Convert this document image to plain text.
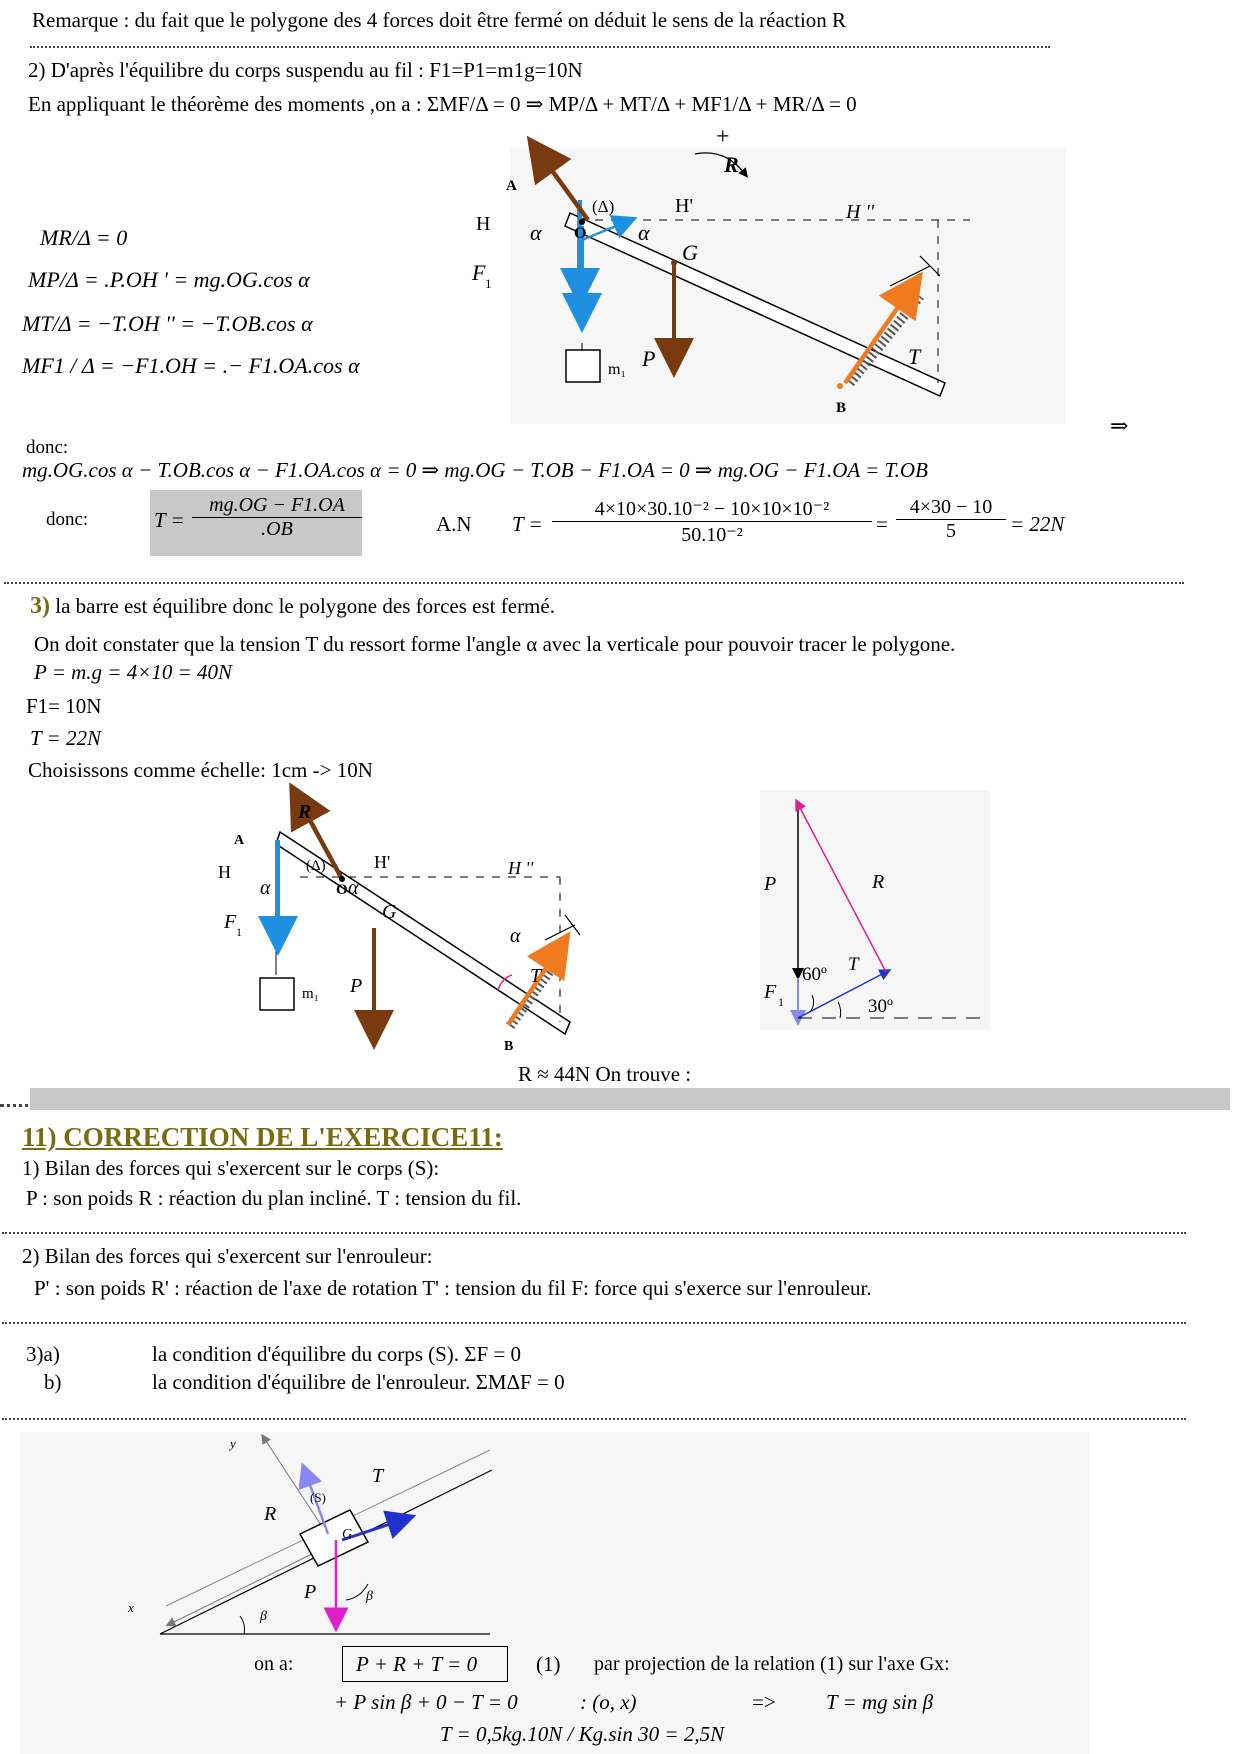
Remarque : du fait que le polygone des 4 forces doit être fermé on déduit le sens de la réaction R
2) D'après l'équilibre du corps suspendu au fil : F1=P1=m1g=10N
En appliquant le théorème des moments ,on a : ΣMF/Δ = 0 ⇒ MP/Δ + MT/Δ + MF1/Δ + MR/Δ = 0
MR/Δ = 0
MP/Δ = .P.OH ' = mg.OG.cos α
MT/Δ = −T.OH '' = −T.OB.cos α
MF1 / Δ = −F1.OH = .− F1.OA.cos α
+
R
A
H
(Δ)	H'	H ''
α O α
G
F 1
m₁ P	T
B
⇒
donc:
mg.OG.cos α − T.OB.cos α − F1.OA.cos α = 0 ⇒ mg.OG − T.OB − F1.OA = 0 ⇒ mg.OG − F1.OA = T.OB
donc:	$T = \frac{mg.OG - F1.OA}{.OB}$	A.N $T = \frac{\text{4×10×30.10⁻² − 10×10×10⁻²}}{\text{50.10⁻²}} = \frac{4\times 30 - 10}{5} = 22N$
3) la barre est équilibre donc le polygone des forces est fermé.
On doit constater que la tension T du ressort forme l'angle α avec la verticale pour pouvoir tracer le polygone.
P = m.g = 4×10 = 40N
F1= 10N
T = 22N
Choisissons comme échelle: 1cm -> 10N
R
A
H	(Δ)	H'	H ''
α	O α
G
F 1
m₁ P	T
B
α
P	R
60º T
F 1	30º
R ≈ 44N On trouve :
11) CORRECTION DE L'EXERCICE11:
1) Bilan des forces qui s'exercent sur le corps (S):
P : son poids R : réaction du plan incliné. T : tension du fil.
2) Bilan des forces qui s'exercent sur l'enrouleur:
P' : son poids R' : réaction de l'axe de rotation T' : tension du fil F: force qui s'exerce sur l'enrouleur.
3)a)	la condition d'équilibre du corps (S). ΣF = 0
b)	la condition d'équilibre de l'enrouleur. ΣMΔF = 0
y
T
R
(S)
G
P	β
x
β
on a:	P + R + T = 0	(1) par projection de la relation (1) sur l'axe Gx:
+ P sin β + 0 − T = 0	: (o, x)	=> T = mg sin β
T = 0,5kg.10N / Kg.sin 30 = 2,5N
